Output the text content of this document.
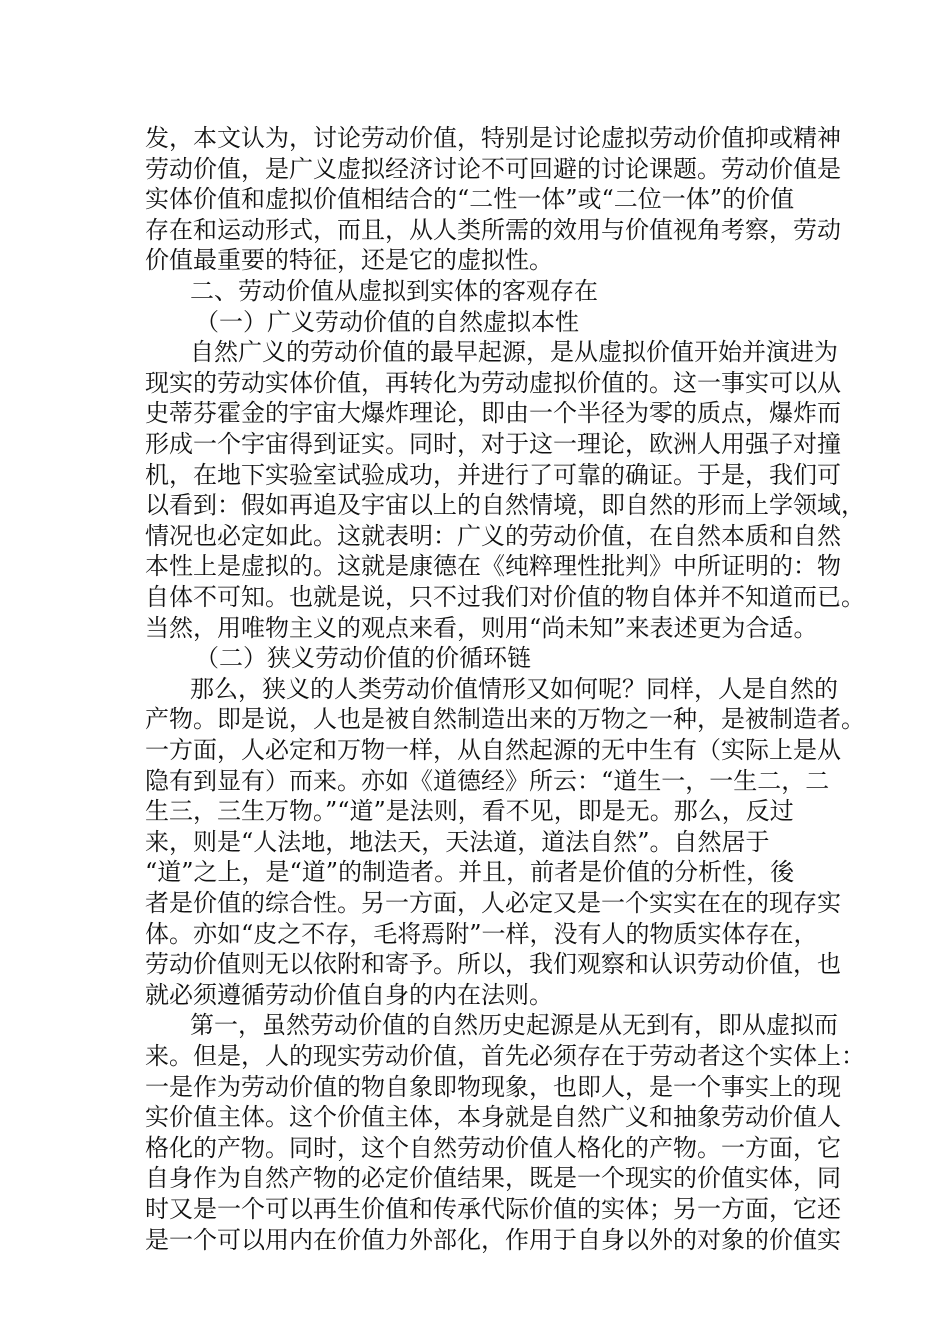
发，本文认为，讨论劳动价值，特别是讨论虚拟劳动价值抑或精神
劳动价值，是广义虚拟经济讨论不可回避的讨论课题。劳动价值是
实体价值和虚拟价值相结合的“二性一体”或“二位一体”的价值
存在和运动形式，而且，从人类所需的效用与价值视角考察，劳动
价值最重要的特征，还是它的虚拟性。
二、劳动价值从虚拟到实体的客观存在
（一）广义劳动价值的自然虚拟本性
自然广义的劳动价值的最早起源，是从虚拟价值开始并演进为
现实的劳动实体价值，再转化为劳动虚拟价值的。这一事实可以从
史蒂芬霍金的宇宙大爆炸理论，即由一个半径为零的质点，爆炸而
形成一个宇宙得到证实。同时，对于这一理论，欧洲人用强子对撞
机，在地下实验室试验成功，并进行了可靠的确证。于是，我们可
以看到：假如再追及宇宙以上的自然情境，即自然的形而上学领域，
情况也必定如此。这就表明：广义的劳动价值，在自然本质和自然
本性上是虚拟的。这就是康德在《纯粹理性批判》中所证明的：物
自体不可知。也就是说，只不过我们对价值的物自体并不知道而已。
当然，用唯物主义的观点来看，则用“尚未知”来表述更为合适。
（二）狭义劳动价值的价循环链
那么，狭义的人类劳动价值情形又如何呢？同样，人是自然的
产物。即是说，人也是被自然制造出来的万物之一种，是被制造者。
一方面，人必定和万物一样，从自然起源的无中生有（实际上是从
隐有到显有）而来。亦如《道德经》所云：“道生一，一生二，二
生三，三生万物。”“道”是法则，看不见，即是无。那么，反过
来，则是“人法地，地法天，天法道，道法自然”。自然居于
“道”之上，是“道”的制造者。并且，前者是价值的分析性，後
者是价值的综合性。另一方面，人必定又是一个实实在在的现存实
体。亦如“皮之不存，毛将焉附”一样，没有人的物质实体存在，
劳动价值则无以依附和寄予。所以，我们观察和认识劳动价值，也
就必须遵循劳动价值自身的内在法则。
第一，虽然劳动价值的自然历史起源是从无到有，即从虚拟而
来。但是，人的现实劳动价值，首先必须存在于劳动者这个实体上：
一是作为劳动价值的物自象即物现象，也即人，是一个事实上的现
实价值主体。这个价值主体，本身就是自然广义和抽象劳动价值人
格化的产物。同时，这个自然劳动价值人格化的产物。一方面，它
自身作为自然产物的必定价值结果，既是一个现实的价值实体，同
时又是一个可以再生价值和传承代际价值的实体；另一方面，它还
是一个可以用内在价值力外部化，作用于自身以外的对象的价值实
